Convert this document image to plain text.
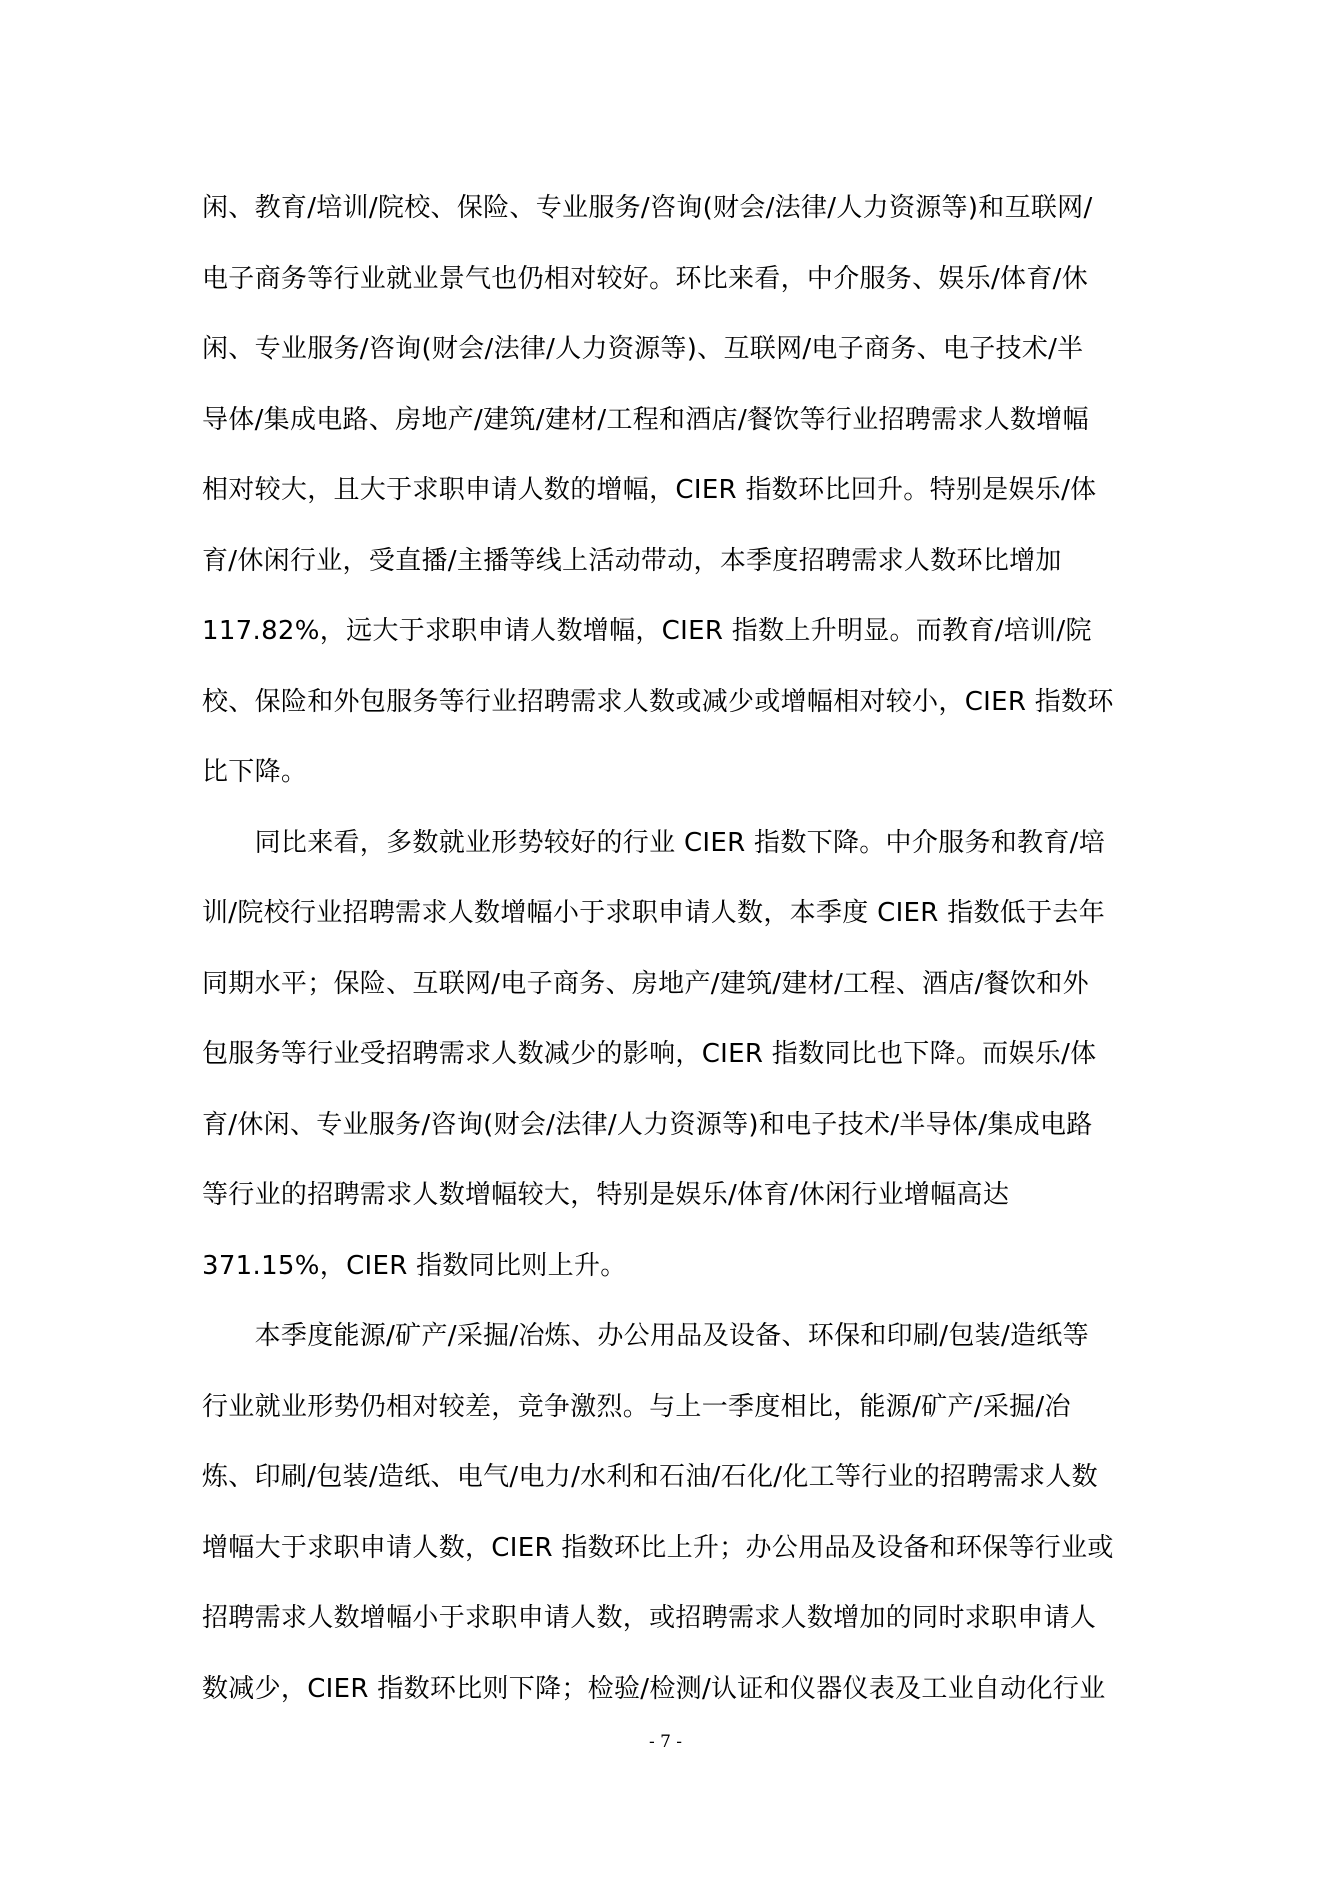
闲、教育/培训/院校、保险、专业服务/咨询(财会/法律/人力资源等)和互联网/
电子商务等行业就业景气也仍相对较好。环比来看，中介服务、娱乐/体育/休
闲、专业服务/咨询(财会/法律/人力资源等)、互联网/电子商务、电子技术/半
导体/集成电路、房地产/建筑/建材/工程和酒店/餐饮等行业招聘需求人数增幅
相对较大，且大于求职申请人数的增幅，CIER 指数环比回升。特别是娱乐/体
育/休闲行业，受直播/主播等线上活动带动，本季度招聘需求人数环比增加
117.82%，远大于求职申请人数增幅，CIER 指数上升明显。而教育/培训/院
校、保险和外包服务等行业招聘需求人数或减少或增幅相对较小，CIER 指数环
比下降。
　　同比来看，多数就业形势较好的行业 CIER 指数下降。中介服务和教育/培
训/院校行业招聘需求人数增幅小于求职申请人数，本季度 CIER 指数低于去年
同期水平；保险、互联网/电子商务、房地产/建筑/建材/工程、酒店/餐饮和外
包服务等行业受招聘需求人数减少的影响，CIER 指数同比也下降。而娱乐/体
育/休闲、专业服务/咨询(财会/法律/人力资源等)和电子技术/半导体/集成电路
等行业的招聘需求人数增幅较大，特别是娱乐/体育/休闲行业增幅高达
371.15%，CIER 指数同比则上升。
　　本季度能源/矿产/采掘/冶炼、办公用品及设备、环保和印刷/包装/造纸等
行业就业形势仍相对较差，竞争激烈。与上一季度相比，能源/矿产/采掘/冶
炼、印刷/包装/造纸、电气/电力/水利和石油/石化/化工等行业的招聘需求人数
增幅大于求职申请人数，CIER 指数环比上升；办公用品及设备和环保等行业或
招聘需求人数增幅小于求职申请人数，或招聘需求人数增加的同时求职申请人
数减少，CIER 指数环比则下降；检验/检测/认证和仪器仪表及工业自动化行业
- 7 -
